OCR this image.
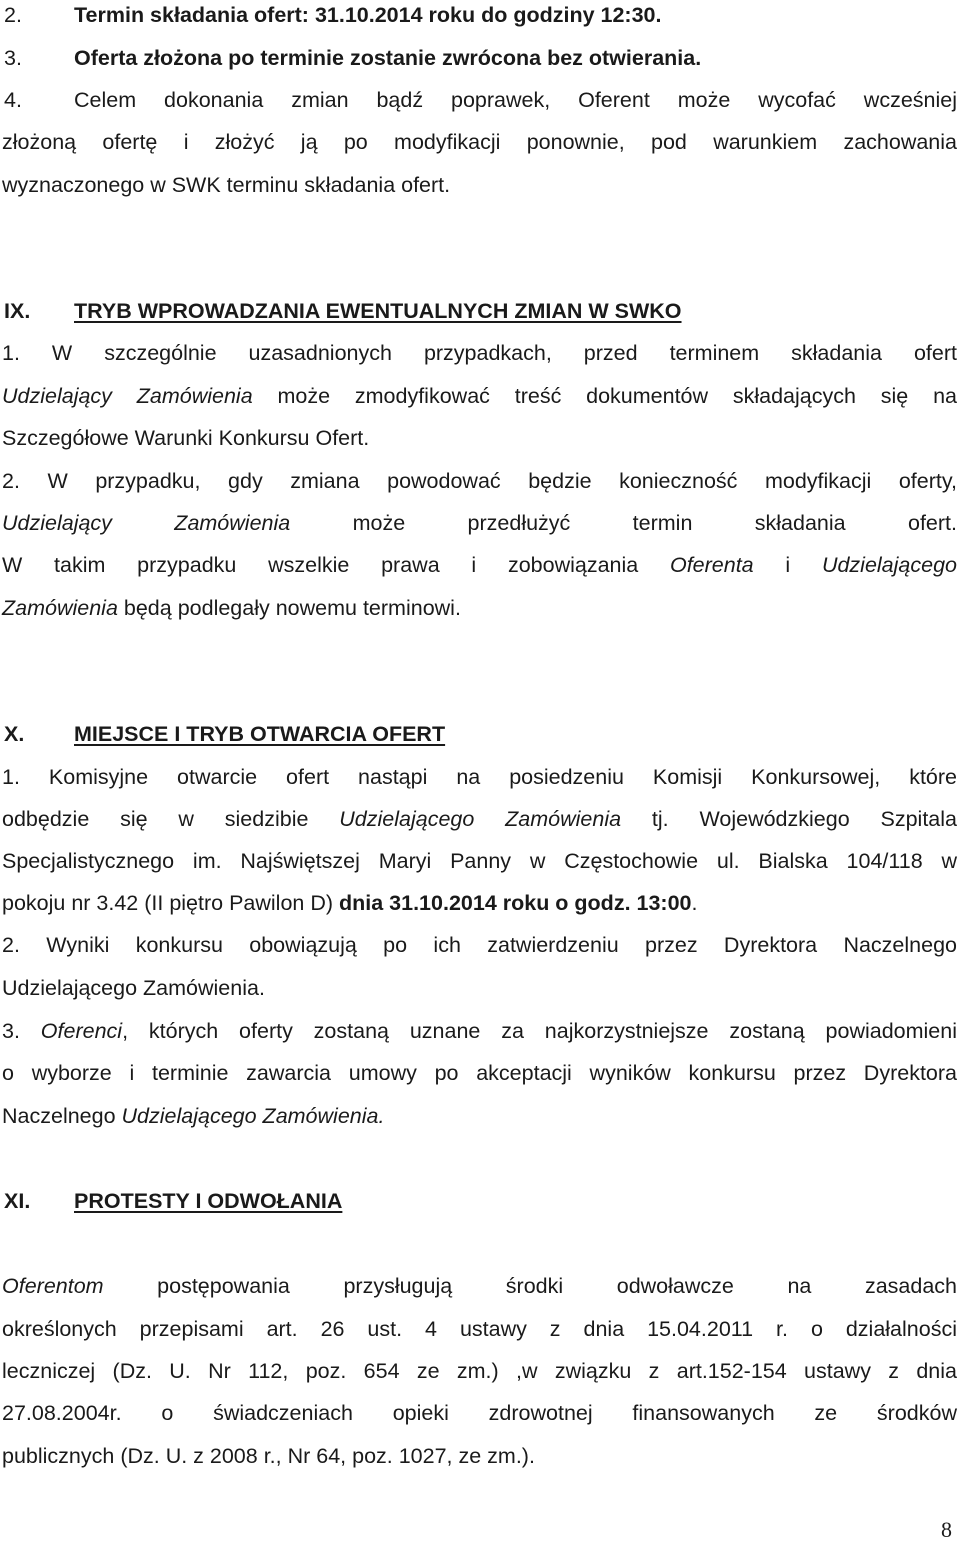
2. Termin składania ofert: 31.10.2014 roku do godziny 12:30.
3. Oferta złożona po terminie zostanie zwrócona bez otwierania.
4. Celem dokonania zmian bądź poprawek, Oferent może wycofać wcześniej
złożoną ofertę i złożyć ją po modyfikacji ponownie, pod warunkiem zachowania
wyznaczonego w SWK terminu składania ofert.
IX. TRYB WPROWADZANIA EWENTUALNYCH ZMIAN W SWKO
1. W szczególnie uzasadnionych przypadkach, przed terminem składania ofert
Udzielający Zamówienia może zmodyfikować treść dokumentów składających się na
Szczegółowe Warunki Konkursu Ofert.
2. W przypadku, gdy zmiana powodować będzie konieczność modyfikacji oferty,
Udzielający Zamówienia może przedłużyć termin składania ofert.
W takim przypadku wszelkie prawa i zobowiązania Oferenta i Udzielającego
Zamówienia będą podlegały nowemu terminowi.
X. MIEJSCE I TRYB OTWARCIA OFERT
1. Komisyjne otwarcie ofert nastąpi na posiedzeniu Komisji Konkursowej, które
odbędzie się w siedzibie Udzielającego Zamówienia tj. Wojewódzkiego Szpitala
Specjalistycznego im. Najświętszej Maryi Panny w Częstochowie ul. Bialska 104/118 w
pokoju nr 3.42 (II piętro Pawilon D) dnia 31.10.2014 roku o godz. 13:00.
2. Wyniki konkursu obowiązują po ich zatwierdzeniu przez Dyrektora Naczelnego
Udzielającego Zamówienia.
3. Oferenci, których oferty zostaną uznane za najkorzystniejsze zostaną powiadomieni
o wyborze i terminie zawarcia umowy po akceptacji wyników konkursu przez Dyrektora
Naczelnego Udzielającego Zamówienia.
XI. PROTESTY I ODWOŁANIA
Oferentom postępowania przysługują środki odwoławcze na zasadach
określonych przepisami art. 26 ust. 4 ustawy z dnia 15.04.2011 r. o działalności
leczniczej (Dz. U. Nr 112, poz. 654 ze zm.) ,w związku z art.152-154 ustawy z dnia
27.08.2004r. o świadczeniach opieki zdrowotnej finansowanych ze środków
publicznych (Dz. U. z 2008 r., Nr 64, poz. 1027, ze zm.).
8
